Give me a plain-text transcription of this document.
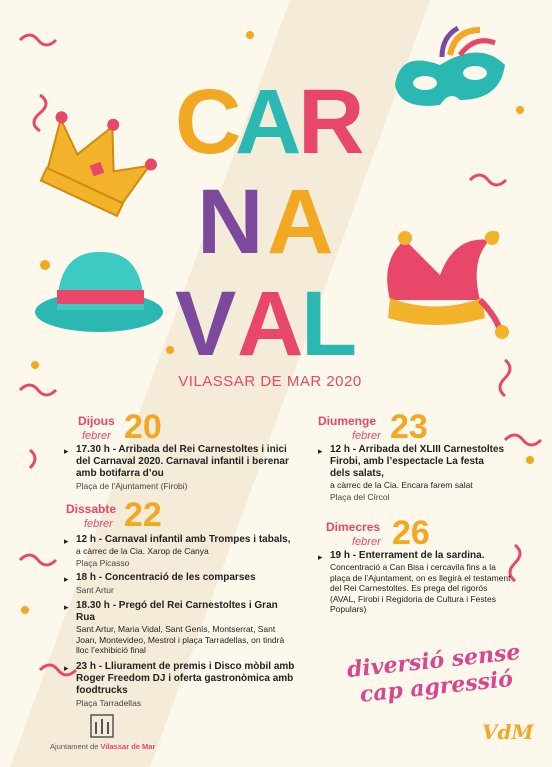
C
A
R
N A
V A
L
VILASSAR DE MAR 2020
Dijous
febrer 20
▸ 17.30 h - Arribada del Rei Carnestoltes i inici del Carnaval 2020. Carnaval infantil i berenar amb botifarra d’ou
Plaça de l’Ajuntament (Firobi)
Dissabte
febrer 22
▸ 12 h - Carnaval infantil amb Trompes i tabals,
a càrrec de la Cia. Xarop de Canya
Plaça Picasso
▸ 18 h - Concentració de les comparses
Sant Artur
▸ 18.30 h - Pregó del Rei Carnestoltes i Gran Rua
Sant Artur, Maria Vidal, Sant Genís, Montserrat, Sant Joan, Montevideo, Mestrol i plaça Tarradellas, on tindrà lloc l’exhibició final
▸ 23 h - Lliurament de premis i Disco mòbil amb Roger Freedom DJ i oferta gastronòmica amb foodtrucks
Plaça Tarradellas
Diumenge
febrer 23
▸ 12 h - Arribada del XLIII Carnestoltes Firobi, amb l’espectacle La festa dels salats,
a càrrec de la Cia. Encara farem salat
Plaça del Círcol
Dimecres
febrer 26
▸ 19 h - Enterrament de la sardina.
Concentració a Can Bisa i cercavila fins a la plaça de l’Ajuntament, on es llegirà el testament del Rei Carnestoltes. Es prega del rigorós (AVAL, Firobi i Regidoria de Cultura i Festes Populars)
diversió sense cap agressió
Ajuntament de Vilassar de Mar
VdM
